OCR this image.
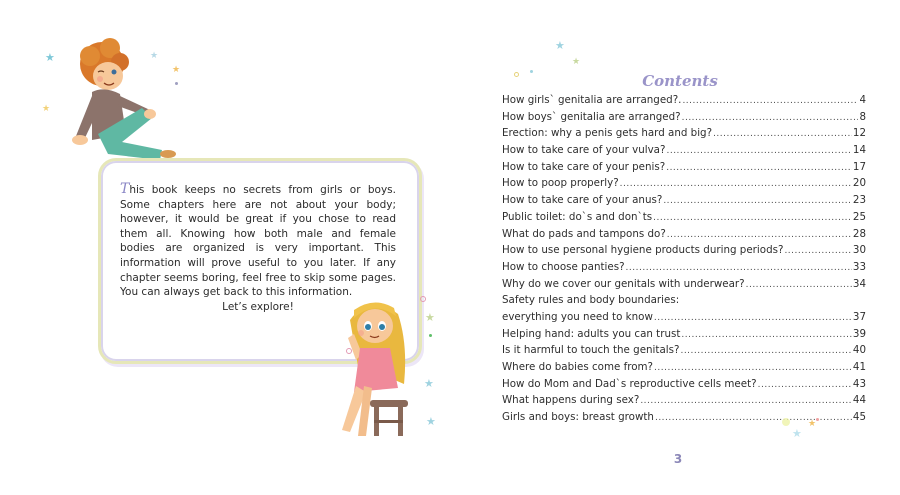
★
★
★
★
This book keeps no secrets from girls or boys. Some chapters here are not about your body; however, it would be great if you chose to read them all. Knowing how both male and female bodies are organized is very important. This information will prove useful to you later. If any chapter seems boring, feel free to skip some pages. You can always get back to this information.
Let’s explore!
★
★
★
★
★
Contents
How girls` genitalia are arranged?. .....	4
How boys` genitalia are arranged? .....	8
Erection: why a penis gets hard and big? .....	12
How to take care of your vulva? .....	14
How to take care of your penis? .....	17
How to poop properly? .....	20
How to take care of your anus? .....	23
Public toilet: do`s and don`ts .....	25
What do pads and tampons do? .....	28
How to use personal hygiene products during periods? .....	30
How to choose panties? .....	33
Why do we cover our genitals with underwear? .....	34
Safety rules and body boundaries:
everything you need to know .....	37
Helping hand: adults you can trust .....	39
Is it harmful to touch the genitals? .....	40
Where do babies come from? .....	41
How do Mom and Dad`s reproductive cells meet? .....	43
What happens during sex? .....	44
Girls and boys: breast growth .....	45
★
★
3
